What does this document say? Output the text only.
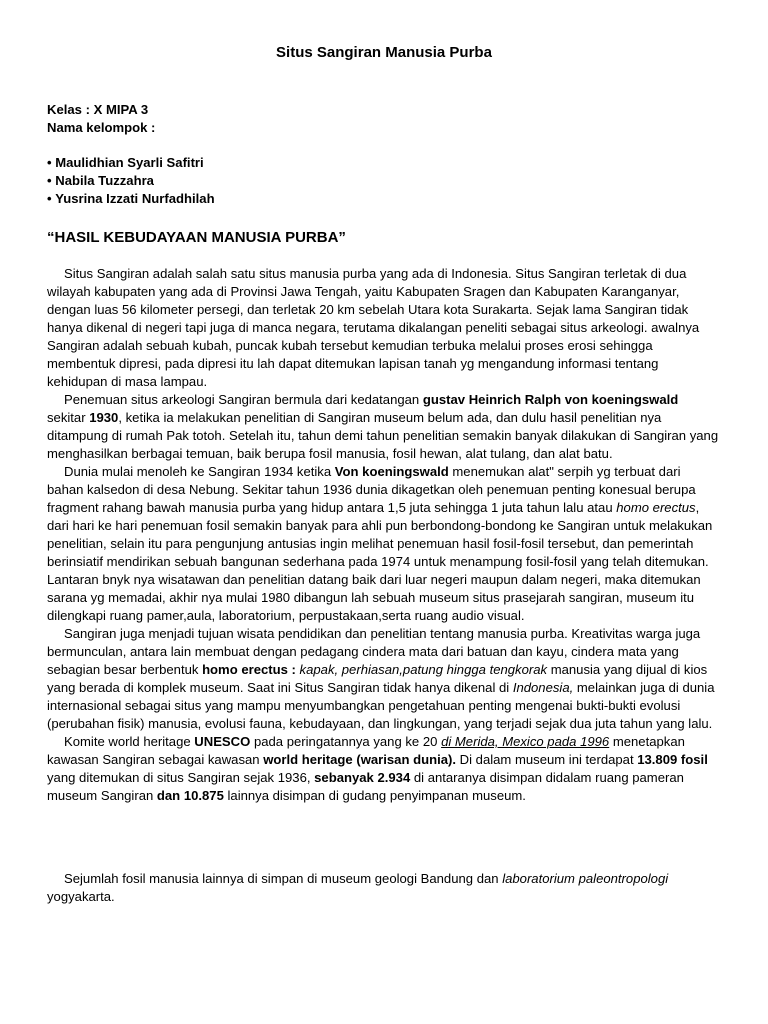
Situs Sangiran Manusia Purba
Kelas : X MIPA 3
Nama kelompok :
• Maulidhian Syarli Safitri
• Nabila Tuzzahra
• Yusrina Izzati Nurfadhilah
“HASIL KEBUDAYAAN MANUSIA PURBA”

Situs Sangiran adalah salah satu situs manusia purba yang ada di Indonesia. Situs Sangiran terletak di dua wilayah kabupaten yang ada di Provinsi Jawa Tengah, yaitu Kabupaten Sragen dan Kabupaten Karanganyar, dengan luas 56 kilometer persegi, dan terletak 20 km sebelah Utara kota Surakarta. Sejak lama Sangiran tidak hanya dikenal di negeri tapi juga di manca negara, terutama dikalangan peneliti sebagai situs arkeologi. awalnya Sangiran adalah sebuah kubah, puncak kubah tersebut kemudian terbuka melalui proses erosi sehingga membentuk dipresi, pada dipresi itu lah dapat ditemukan lapisan tanah yg mengandung informasi tentang kehidupan di masa lampau.

Penemuan situs arkeologi Sangiran bermula dari kedatangan gustav Heinrich Ralph von koeningswald sekitar 1930, ketika ia melakukan penelitian di Sangiran museum belum ada, dan dulu hasil penelitian nya ditampung di rumah Pak totoh. Setelah itu, tahun demi tahun penelitian semakin banyak dilakukan di Sangiran yang menghasilkan berbagai temuan, baik berupa fosil manusia, fosil hewan, alat tulang, dan alat batu.

Dunia mulai menoleh ke Sangiran 1934 ketika Von koeningswald menemukan alat" serpih yg terbuat dari bahan kalsedon di desa Nebung. Sekitar tahun 1936 dunia dikagetkan oleh penemuan penting konesual berupa fragment rahang bawah manusia purba yang hidup antara 1,5 juta sehingga 1 juta tahun lalu atau homo erectus, dari hari ke hari penemuan fosil semakin banyak para ahli pun berbondong-bondong ke Sangiran untuk melakukan penelitian, selain itu para pengunjung antusias ingin melihat penemuan hasil fosil-fosil tersebut, dan pemerintah berinsiatif mendirikan sebuah bangunan sederhana pada 1974 untuk menampung fosil-fosil yang telah ditemukan. Lantaran bnyk nya wisatawan dan penelitian datang baik dari luar negeri maupun dalam negeri, maka ditemukan sarana yg memadai, akhir nya mulai 1980 dibangun lah sebuah museum situs prasejarah sangiran, museum itu dilengkapi ruang pamer,aula, laboratorium, perpustakaan,serta ruang audio visual.

Sangiran juga menjadi tujuan wisata pendidikan dan penelitian tentang manusia purba. Kreativitas warga juga bermunculan, antara lain membuat dengan pedagang cindera mata dari batuan dan kayu, cindera mata yang sebagian besar berbentuk homo erectus : kapak, perhiasan,patung hingga tengkorak manusia yang dijual di kios yang berada di komplek museum. Saat ini Situs Sangiran tidak hanya dikenal di Indonesia, melainkan juga di dunia internasional sebagai situs yang mampu menyumbangkan pengetahuan penting mengenai bukti-bukti evolusi (perubahan fisik) manusia, evolusi fauna, kebudayaan, dan lingkungan, yang terjadi sejak dua juta tahun yang lalu.

Komite world heritage UNESCO pada peringatannya yang ke 20 di Merida, Mexico pada 1996 menetapkan kawasan Sangiran sebagai kawasan world heritage (warisan dunia). Di dalam museum ini terdapat 13.809 fosil yang ditemukan di situs Sangiran sejak 1936, sebanyak 2.934 di antaranya disimpan didalam ruang pameran museum Sangiran dan 10.875 lainnya disimpan di gudang penyimpanan museum.

Sejumlah fosil manusia lainnya di simpan di museum geologi Bandung dan laboratorium paleontropologi yogyakarta.
